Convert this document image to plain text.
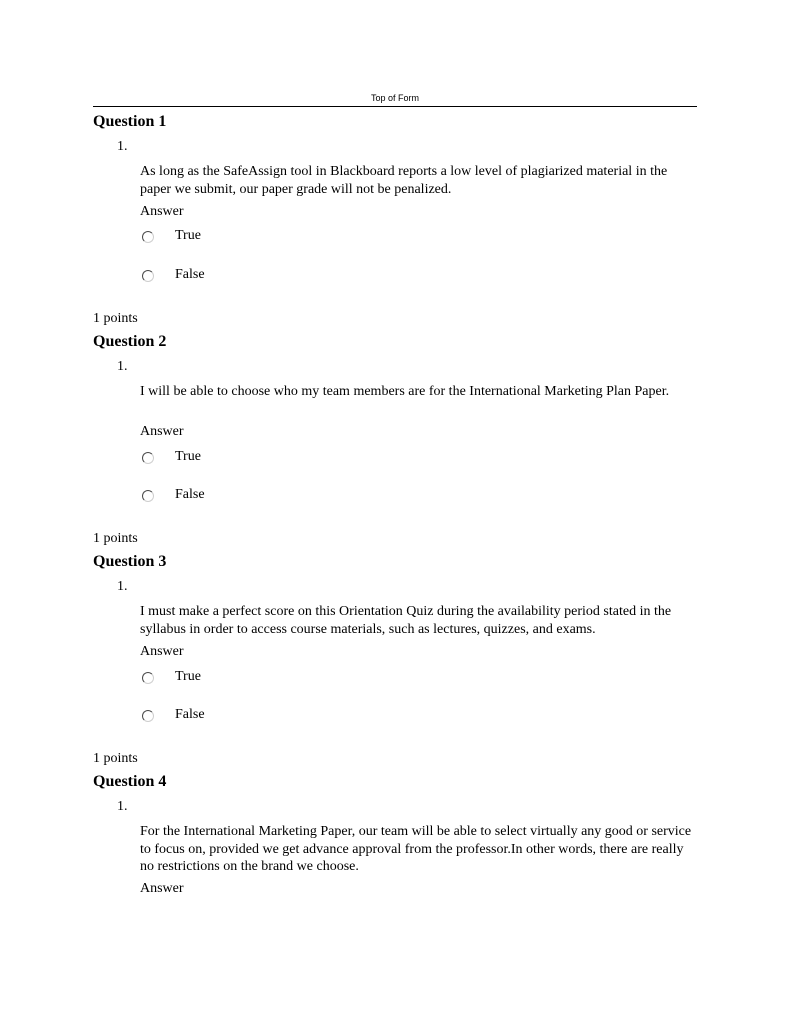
Top of Form
Question 1
1.
As long as the SafeAssign tool in Blackboard reports a low level of plagiarized material in the paper we submit, our paper grade will not be penalized.
Answer
True
False
1 points
Question 2
1.
I will be able to choose who my team members are for the International Marketing Plan Paper.
Answer
True
False
1 points
Question 3
1.
I must make a perfect score on this Orientation Quiz during the availability period stated in the syllabus in order to access course materials, such as lectures, quizzes, and exams.
Answer
True
False
1 points
Question 4
1.
For the International Marketing Paper, our team will be able to select virtually any good or service to focus on, provided we get advance approval from the professor.In other words, there are really no restrictions on the brand we choose.
Answer
